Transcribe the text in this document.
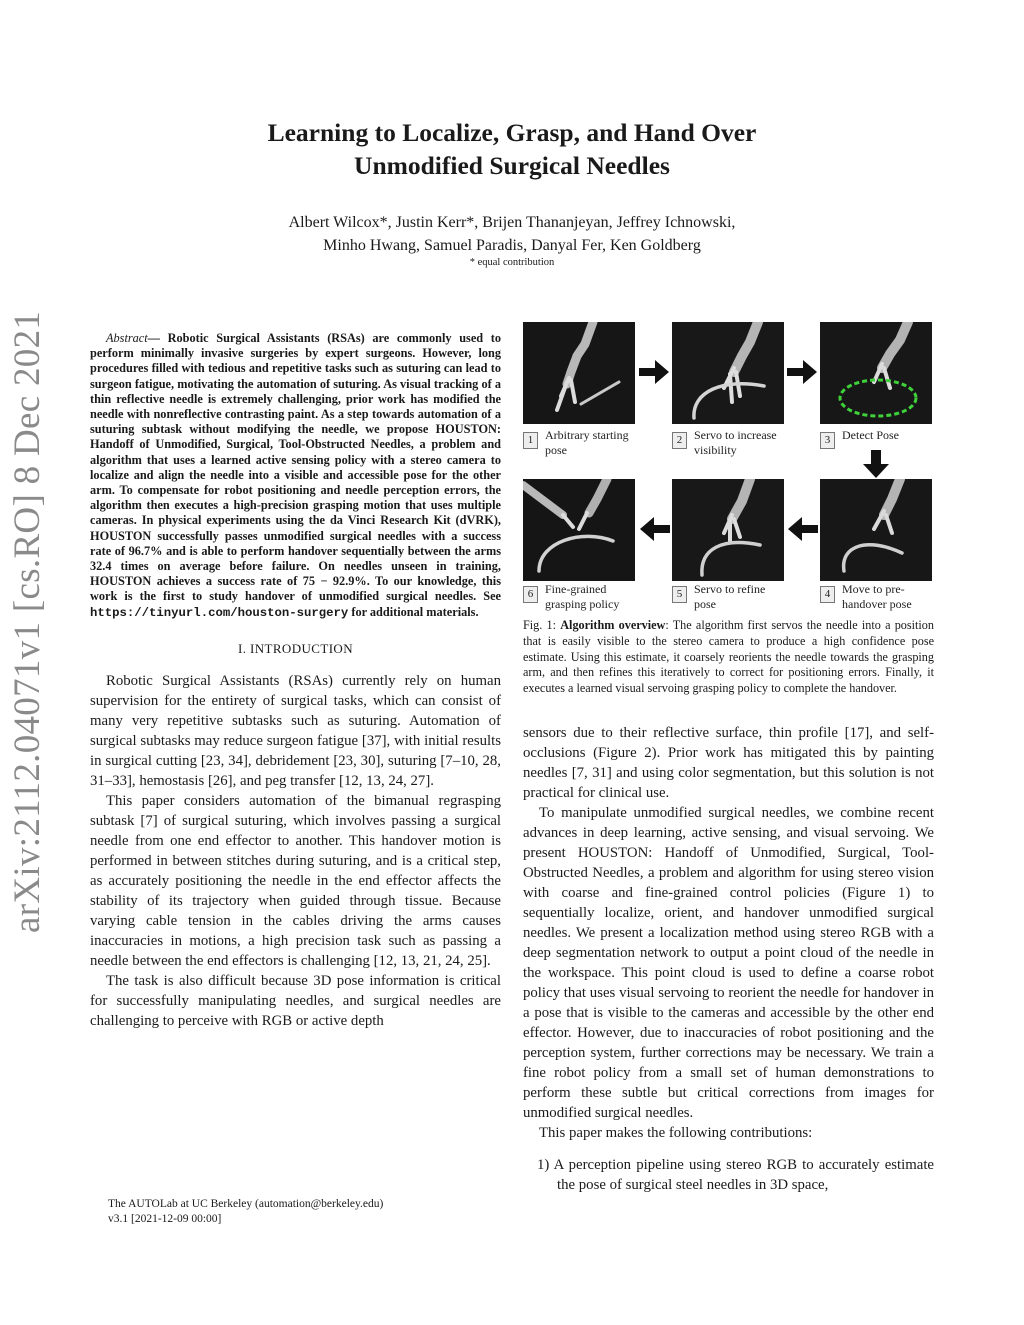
arXiv:2112.04071v1 [cs.RO] 8 Dec 2021
Learning to Localize, Grasp, and Hand Over
Unmodified Surgical Needles
Albert Wilcox*, Justin Kerr*, Brijen Thananjeyan, Jeffrey Ichnowski,
Minho Hwang, Samuel Paradis, Danyal Fer, Ken Goldberg
* equal contribution

Abstract— Robotic Surgical Assistants (RSAs) are commonly used to perform minimally invasive surgeries by expert surgeons. However, long procedures filled with tedious and repetitive tasks such as suturing can lead to surgeon fatigue, motivating the automation of suturing. As visual tracking of a thin reflective needle is extremely challenging, prior work has modified the needle with nonreflective contrasting paint. As a step towards automation of a suturing subtask without modifying the needle, we propose HOUSTON: Handoff of Unmodified, Surgical, Tool-Obstructed Needles, a problem and algorithm that uses a learned active sensing policy with a stereo camera to localize and align the needle into a visible and accessible pose for the other arm. To compensate for robot positioning and needle perception errors, the algorithm then executes a high-precision grasping motion that uses multiple cameras. In physical experiments using the da Vinci Research Kit (dVRK), HOUSTON successfully passes unmodified surgical needles with a success rate of 96.7% and is able to perform handover sequentially between the arms 32.4 times on average before failure. On needles unseen in training, HOUSTON achieves a success rate of 75 − 92.9%. To our knowledge, this work is the first to study handover of unmodified surgical needles. See https://tinyurl.com/houston-surgery for additional materials.

I. INTRODUCTION

Robotic Surgical Assistants (RSAs) currently rely on human supervision for the entirety of surgical tasks, which can consist of many very repetitive subtasks such as suturing. Automation of surgical subtasks may reduce surgeon fatigue [37], with initial results in surgical cutting [23, 34], debridement [23, 30], suturing [7–10, 28, 31–33], hemostasis [26], and peg transfer [12, 13, 24, 27].

This paper considers automation of the bimanual regrasping subtask [7] of surgical suturing, which involves passing a surgical needle from one end effector to another. This handover motion is performed in between stitches during suturing, and is a critical step, as accurately positioning the needle in the end effector affects the stability of its trajectory when guided through tissue. Because varying cable tension in the cables driving the arms causes inaccuracies in motions, a high precision task such as passing a needle between the end effectors is challenging [12, 13, 21, 24, 25].

The task is also difficult because 3D pose information is critical for successfully manipulating needles, and surgical needles are challenging to perceive with RGB or active depth

The AUTOLab at UC Berkeley (automation@berkeley.edu)
v3.1 [2021-12-09 00:00]
1 Arbitrary starting pose
2 Servo to increase visibility
3 Detect Pose
6 Fine-grained grasping policy
5 Servo to refine pose
4 Move to pre-handover pose

Fig. 1: Algorithm overview: The algorithm first servos the needle into a position that is easily visible to the stereo camera to produce a high confidence pose estimate. Using this estimate, it coarsely reorients the needle towards the grasping arm, and then refines this iteratively to correct for positioning errors. Finally, it executes a learned visual servoing grasping policy to complete the handover.

sensors due to their reflective surface, thin profile [17], and self-occlusions (Figure 2). Prior work has mitigated this by painting needles [7, 31] and using color segmentation, but this solution is not practical for clinical use.

To manipulate unmodified surgical needles, we combine recent advances in deep learning, active sensing, and visual servoing. We present HOUSTON: Handoff of Unmodified, Surgical, Tool-Obstructed Needles, a problem and algorithm for using stereo vision with coarse and fine-grained control policies (Figure 1) to sequentially localize, orient, and handover unmodified surgical needles. We present a localization method using stereo RGB with a deep segmentation network to output a point cloud of the needle in the workspace. This point cloud is used to define a coarse robot policy that uses visual servoing to reorient the needle for handover in a pose that is visible to the cameras and accessible by the other end effector. However, due to inaccuracies of robot positioning and the perception system, further corrections may be necessary. We train a fine robot policy from a small set of human demonstrations to perform these subtle but critical corrections from images for unmodified surgical needles.

This paper makes the following contributions:

1) A perception pipeline using stereo RGB to accurately estimate the pose of surgical steel needles in 3D space,
